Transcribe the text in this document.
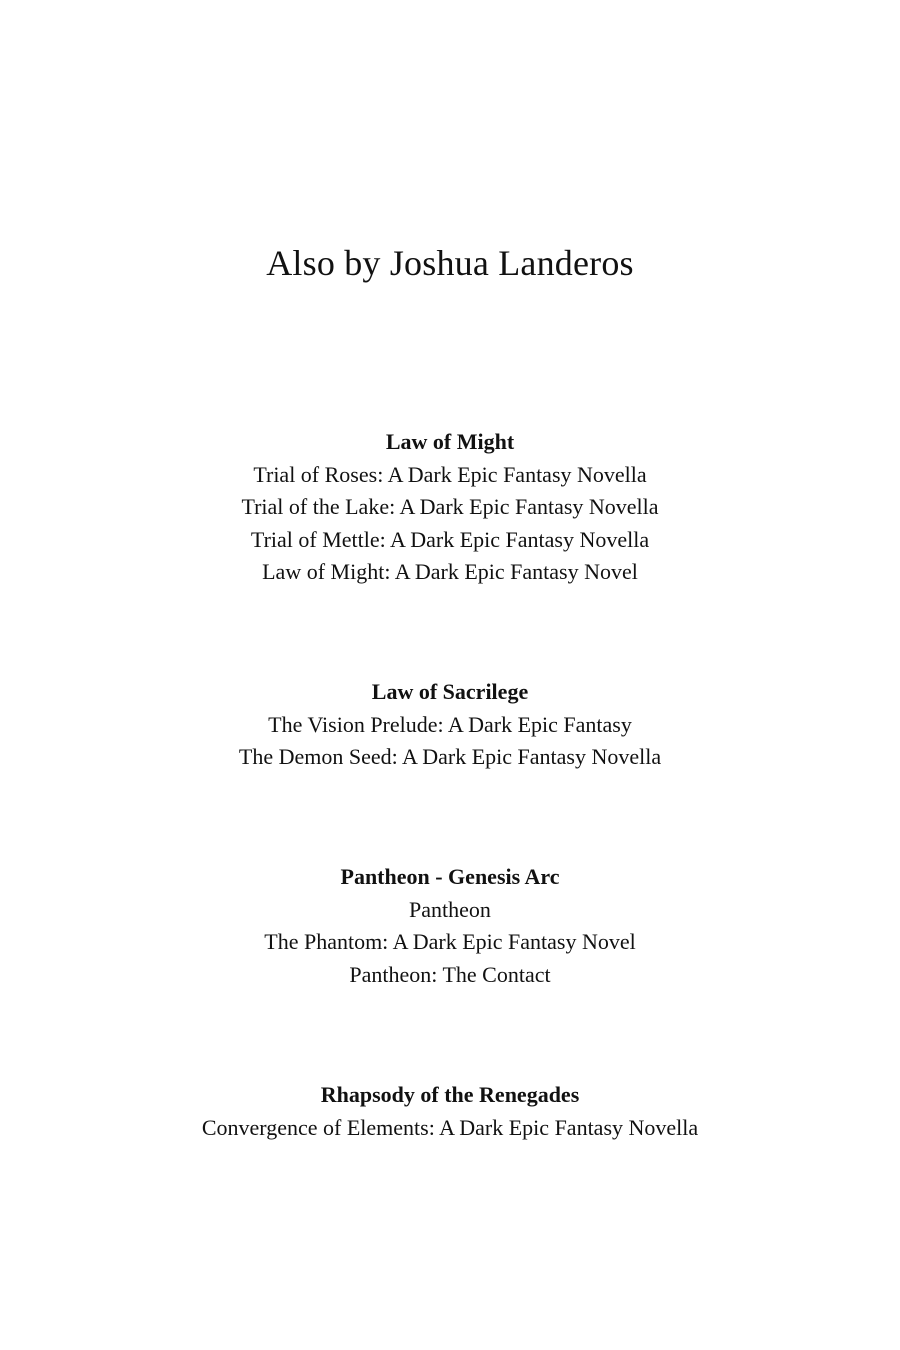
Also by Joshua Landeros
Law of Might
Trial of Roses: A Dark Epic Fantasy Novella
Trial of the Lake: A Dark Epic Fantasy Novella
Trial of Mettle: A Dark Epic Fantasy Novella
Law of Might: A Dark Epic Fantasy Novel
Law of Sacrilege
The Vision Prelude: A Dark Epic Fantasy
The Demon Seed: A Dark Epic Fantasy Novella
Pantheon - Genesis Arc
Pantheon
The Phantom: A Dark Epic Fantasy Novel
Pantheon: The Contact
Rhapsody of the Renegades
Convergence of Elements: A Dark Epic Fantasy Novella
